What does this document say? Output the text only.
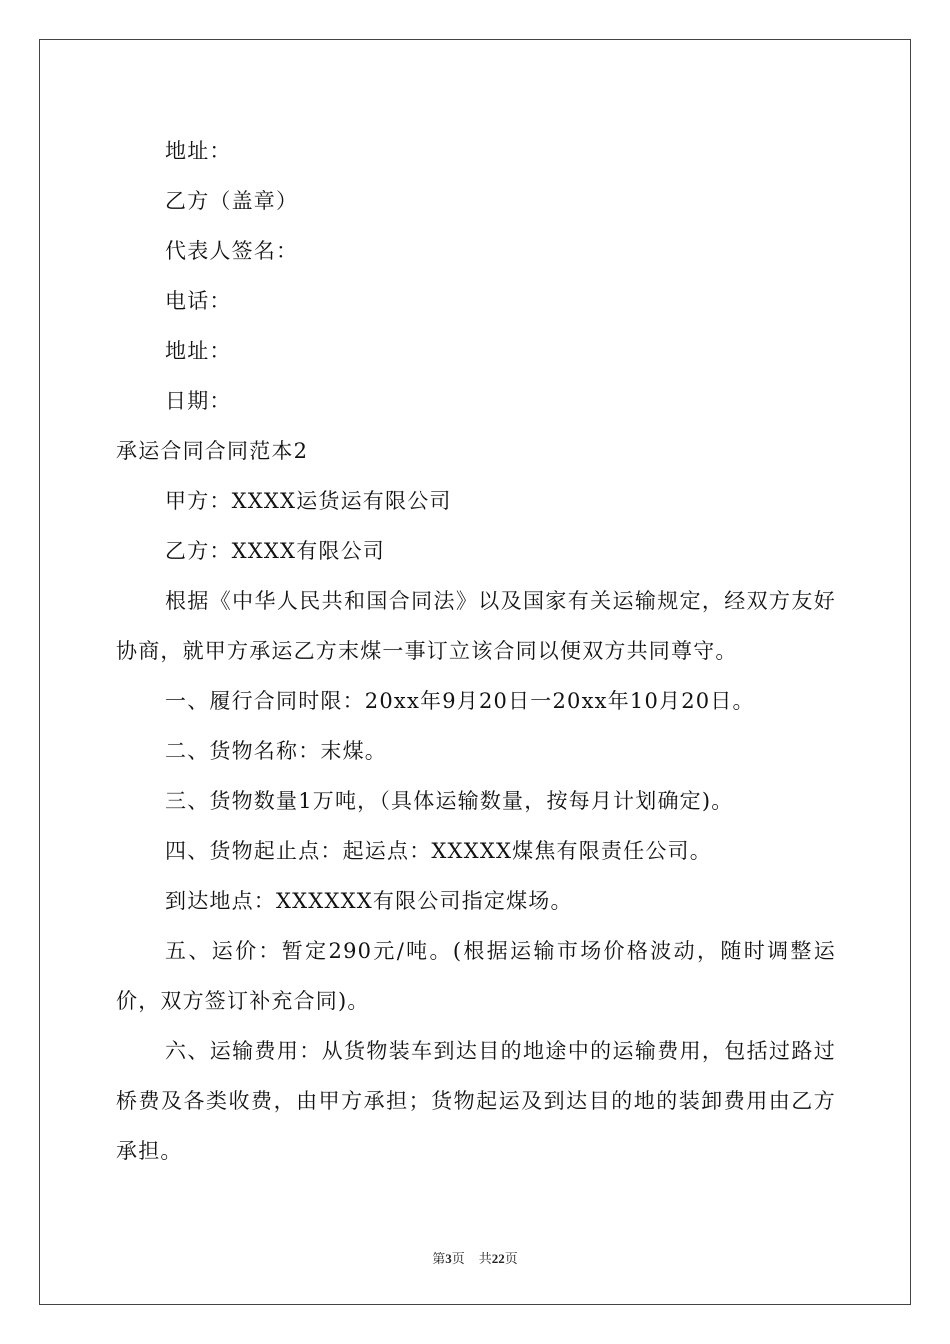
地址：
乙方（盖章）
代表人签名：
电话：
地址：
日期：
承运合同合同范本2
甲方：XXXX运货运有限公司
乙方：XXXX有限公司
根据《中华人民共和国合同法》以及国家有关运输规定，经双方友好协商，就甲方承运乙方末煤一事订立该合同以便双方共同尊守。
一、履行合同时限：20xx年9月20日一20xx年10月20日。
二、货物名称：末煤。
三、货物数量1万吨，（具体运输数量，按每月计划确定)。
四、货物起止点：起运点：XXXXX煤焦有限责任公司。
到达地点：XXXXXX有限公司指定煤场。
五、运价：暂定290元/吨。(根据运输市场价格波动，随时调整运价，双方签订补充合同)。
六、运输费用：从货物装车到达目的地途中的运输费用，包括过路过桥费及各类收费，由甲方承担；货物起运及到达目的地的装卸费用由乙方承担。
第3页 共22页
